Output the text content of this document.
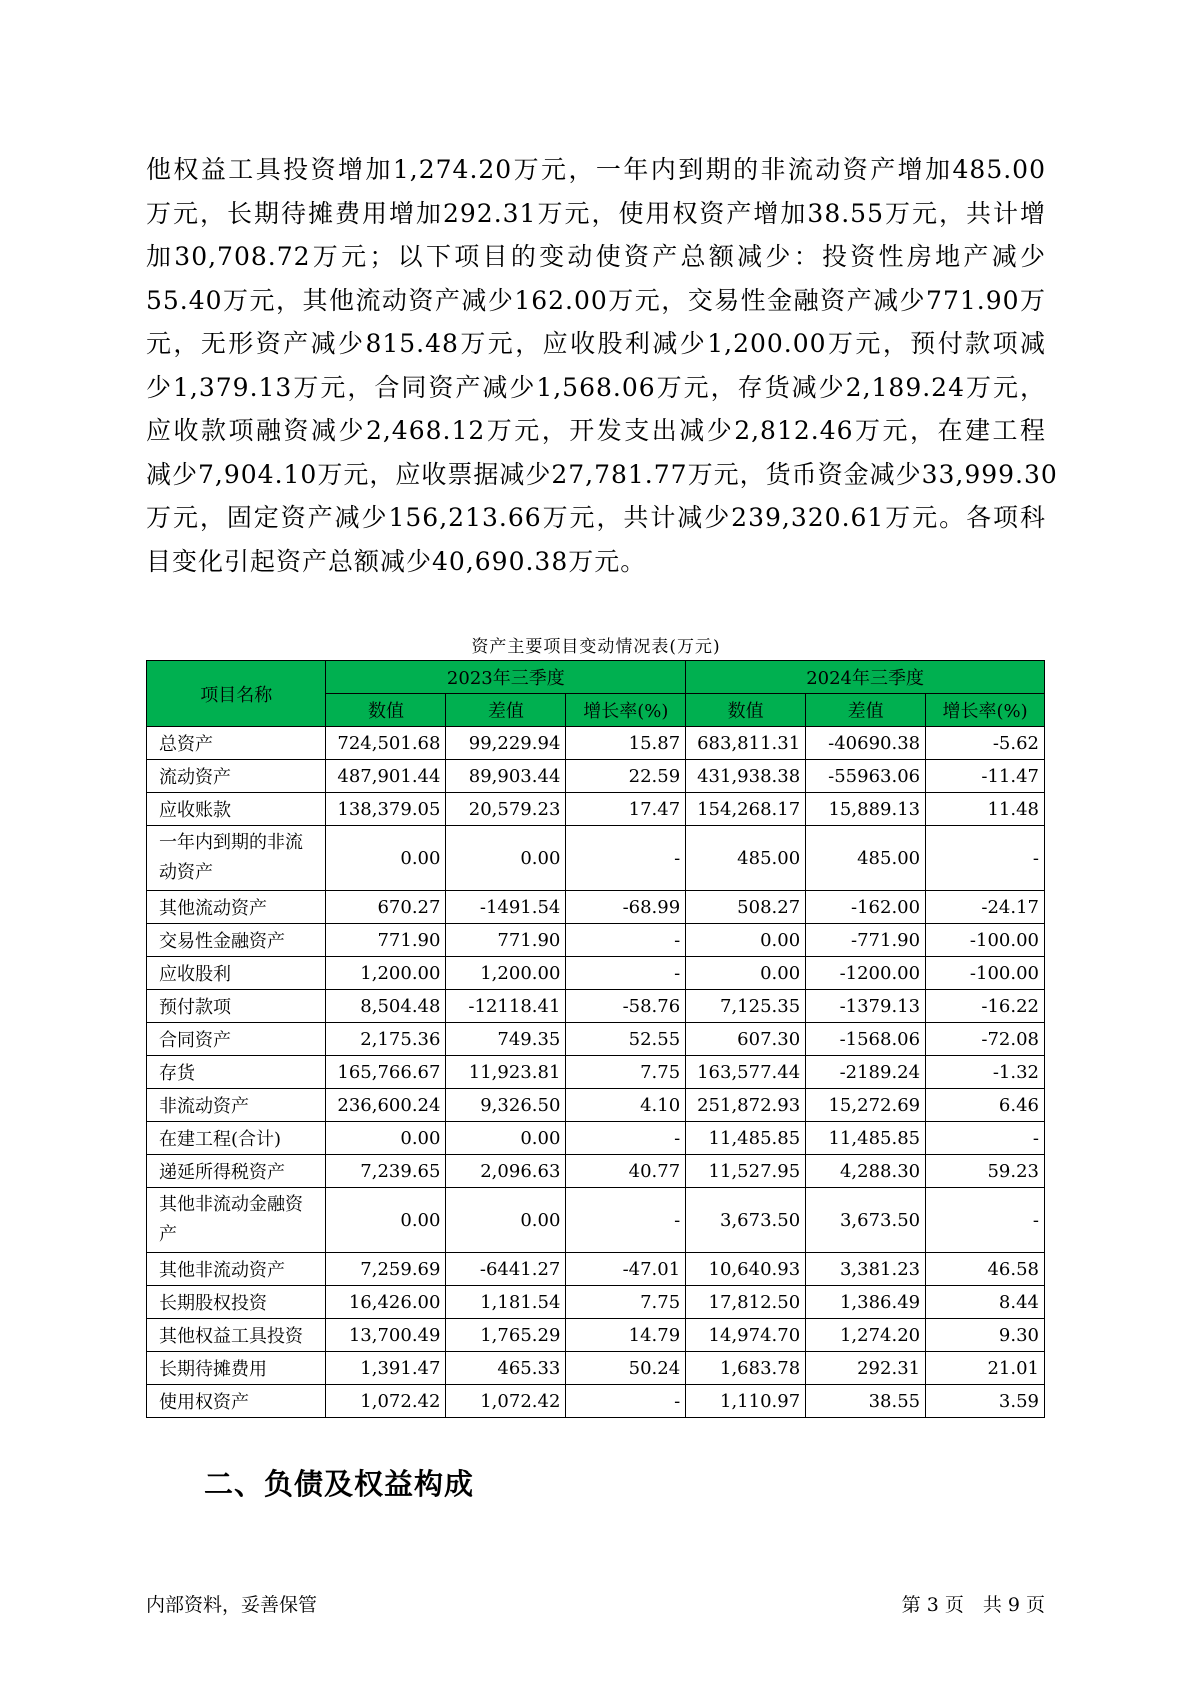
他权益工具投资增加1,274.20万元，一年内到期的非流动资产增加485.00
万元，长期待摊费用增加292.31万元，使用权资产增加38.55万元，共计增
加30,708.72万元；以下项目的变动使资产总额减少：投资性房地产减少
55.40万元，其他流动资产减少162.00万元，交易性金融资产减少771.90万
元，无形资产减少815.48万元，应收股利减少1,200.00万元，预付款项减
少1,379.13万元，合同资产减少1,568.06万元，存货减少2,189.24万元，
应收款项融资减少2,468.12万元，开发支出减少2,812.46万元，在建工程
减少7,904.10万元，应收票据减少27,781.77万元，货币资金减少33,999.30
万元，固定资产减少156,213.66万元，共计减少239,320.61万元。各项科
目变化引起资产总额减少40,690.38万元。
资产主要项目变动情况表(万元)
项目名称	2023年三季度			2024年三季度		
	数值	差值	增长率(%)	数值	差值	增长率(%)
总资产	724,501.68	99,229.94	15.87	683,811.31	-40690.38	-5.62
流动资产	487,901.44	89,903.44	22.59	431,938.38	-55963.06	-11.47
应收账款	138,379.05	20,579.23	17.47	154,268.17	15,889.13	11.48
一年内到期的非流动资产	0.00	0.00	-	485.00	485.00	-
其他流动资产	670.27	-1491.54	-68.99	508.27	-162.00	-24.17
交易性金融资产	771.90	771.90	-	0.00	-771.90	-100.00
应收股利	1,200.00	1,200.00	-	0.00	-1200.00	-100.00
预付款项	8,504.48	-12118.41	-58.76	7,125.35	-1379.13	-16.22
合同资产	2,175.36	749.35	52.55	607.30	-1568.06	-72.08
存货	165,766.67	11,923.81	7.75	163,577.44	-2189.24	-1.32
非流动资产	236,600.24	9,326.50	4.10	251,872.93	15,272.69	6.46
在建工程(合计)	0.00	0.00	-	11,485.85	11,485.85	-
递延所得税资产	7,239.65	2,096.63	40.77	11,527.95	4,288.30	59.23
其他非流动金融资产	0.00	0.00	-	3,673.50	3,673.50	-
其他非流动资产	7,259.69	-6441.27	-47.01	10,640.93	3,381.23	46.58
长期股权投资	16,426.00	1,181.54	7.75	17,812.50	1,386.49	8.44
其他权益工具投资	13,700.49	1,765.29	14.79	14,974.70	1,274.20	9.30
长期待摊费用	1,391.47	465.33	50.24	1,683.78	292.31	21.01
使用权资产	1,072.42	1,072.42	-	1,110.97	38.55	3.59
二、负债及权益构成
内部资料，妥善保管	第 3 页　共 9 页
